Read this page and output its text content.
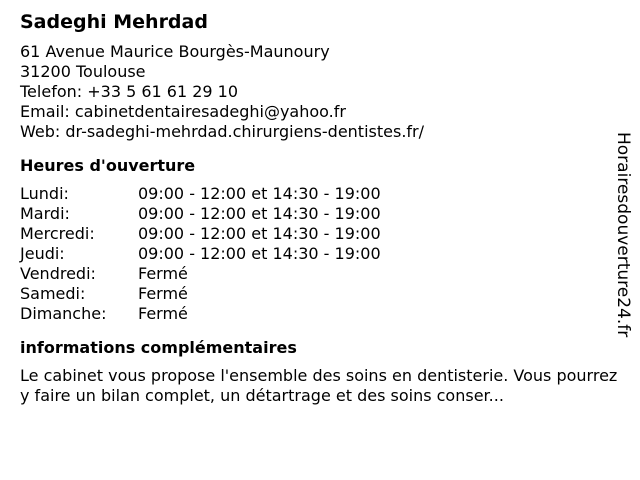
Sadeghi Mehrdad
61 Avenue Maurice Bourgès-Maunoury
31200 Toulouse
Telefon: +33 5 61 61 29 10
Email: cabinetdentairesadeghi@yahoo.fr
Web: dr-sadeghi-mehrdad.chirurgiens-dentistes.fr/
Heures d'ouverture
Lundi:	09:00 - 12:00 et 14:30 - 19:00
Mardi:	09:00 - 12:00 et 14:30 - 19:00
Mercredi:	09:00 - 12:00 et 14:30 - 19:00
Jeudi:	09:00 - 12:00 et 14:30 - 19:00
Vendredi:	Fermé
Samedi:	Fermé
Dimanche:	Fermé
informations complémentaires
Le cabinet vous propose l'ensemble des soins en dentisterie. Vous pourrez y faire un bilan complet, un détartrage et des soins conser...
Horairesdouverture24.fr
